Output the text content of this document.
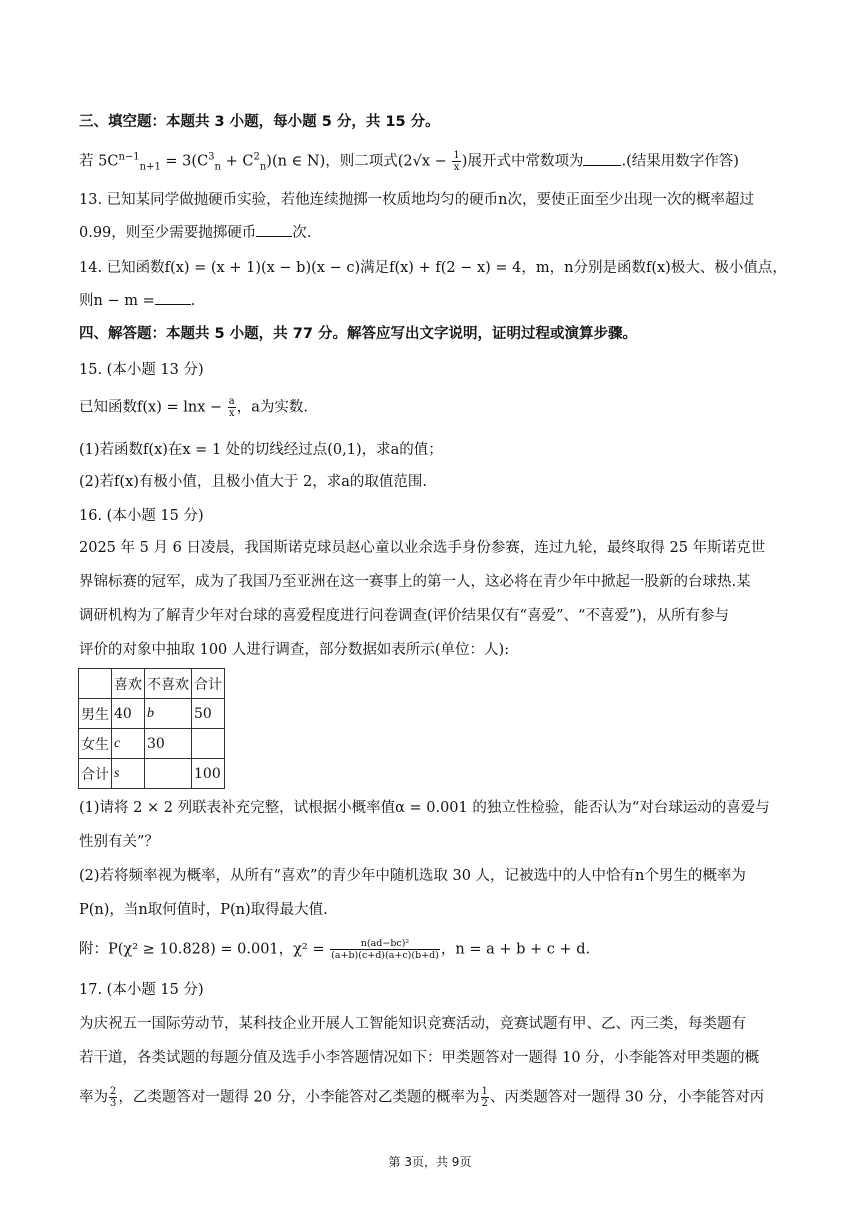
三、填空题：本题共 3 小题，每小题 5 分，共 15 分。
若 $5C^{n-1}_{n+1} = 3(C^3_n + C^2_n)(n$ ∈ N)，则二项式($2√x - \frac{1}{x}$ )展开式中常数项为	.(结果用数字作答)
13. 已知某同学做抛硬币实验，若他连续抛掷一枚质地均匀的硬币n次，要使正面至少出现一次的概率超过
0.99，则至少需要抛掷硬币 次.
14. 已知函数f(x) = (x + 1)(x − b)(x − c)满足f(x) + f(2 − x) = 4，m，n分别是函数f(x)极大、极小值点，
则n − m = .
四、解答题：本题共 5 小题，共 77 分。解答应写出文字说明，证明过程或演算步骤。
15. (本小题 13 分)
已知函数$f(x) = \ln x - \frac{a}{x}$ ，a为实数.
(1)若函数f(x)在x = 1 处的切线经过点(0,1)，求a的值；
(2)若f(x)有极小值，且极小值大于 2，求a的取值范围.
16. (本小题 15 分)
2025 年 5 月 6 日凌晨，我国斯诺克球员赵心童以业余选手身份参赛，连过九轮，最终取得 25 年斯诺克世
界锦标赛的冠军，成为了我国乃至亚洲在这一赛事上的第一人，这必将在青少年中掀起一股新的台球热.某
调研机构为了解青少年对台球的喜爱程度进行问卷调查(评价结果仅有“喜爱”、“不喜爱”)，从所有参与
评价的对象中抽取 100 人进行调查，部分数据如表所示(单位：人):
	喜欢	不喜欢	合计
男生	40	b	50
女生	c	30	
合计	s		100
(1)请将 2 × 2 列联表补充完整，试根据小概率值α = 0.001 的独立性检验，能否认为“对台球运动的喜爱与
性别有关”？
(2)若将频率视为概率，从所有“喜欢”的青少年中随机选取 30 人，记被选中的人中恰有n个男生的概率为
P(n)，当n取何值时，P(n)取得最大值.
附：P(χ² ≥ 10.828) = 0.001，$\chi^2 = \frac{\text{n(ad−bc)²}}{(a+b)(c+d)(a+c)(b+d)}$ ，n = a + b + c + d.
17. (本小题 15 分)
为庆祝五一国际劳动节，某科技企业开展人工智能知识竞赛活动，竞赛试题有甲、乙、丙三类，每类题有
若干道，各类试题的每题分值及选手小李答题情况如下：甲类题答对一题得 10 分，小李能答对甲类题的概
率为 $\frac{2}{3}$ ，乙类题答对一题得 20 分，小李能答对乙类题的概率为 $\frac{1}{2}$ 、丙类题答对一题得 30 分，小李能答对丙
第 3页，共 9页
